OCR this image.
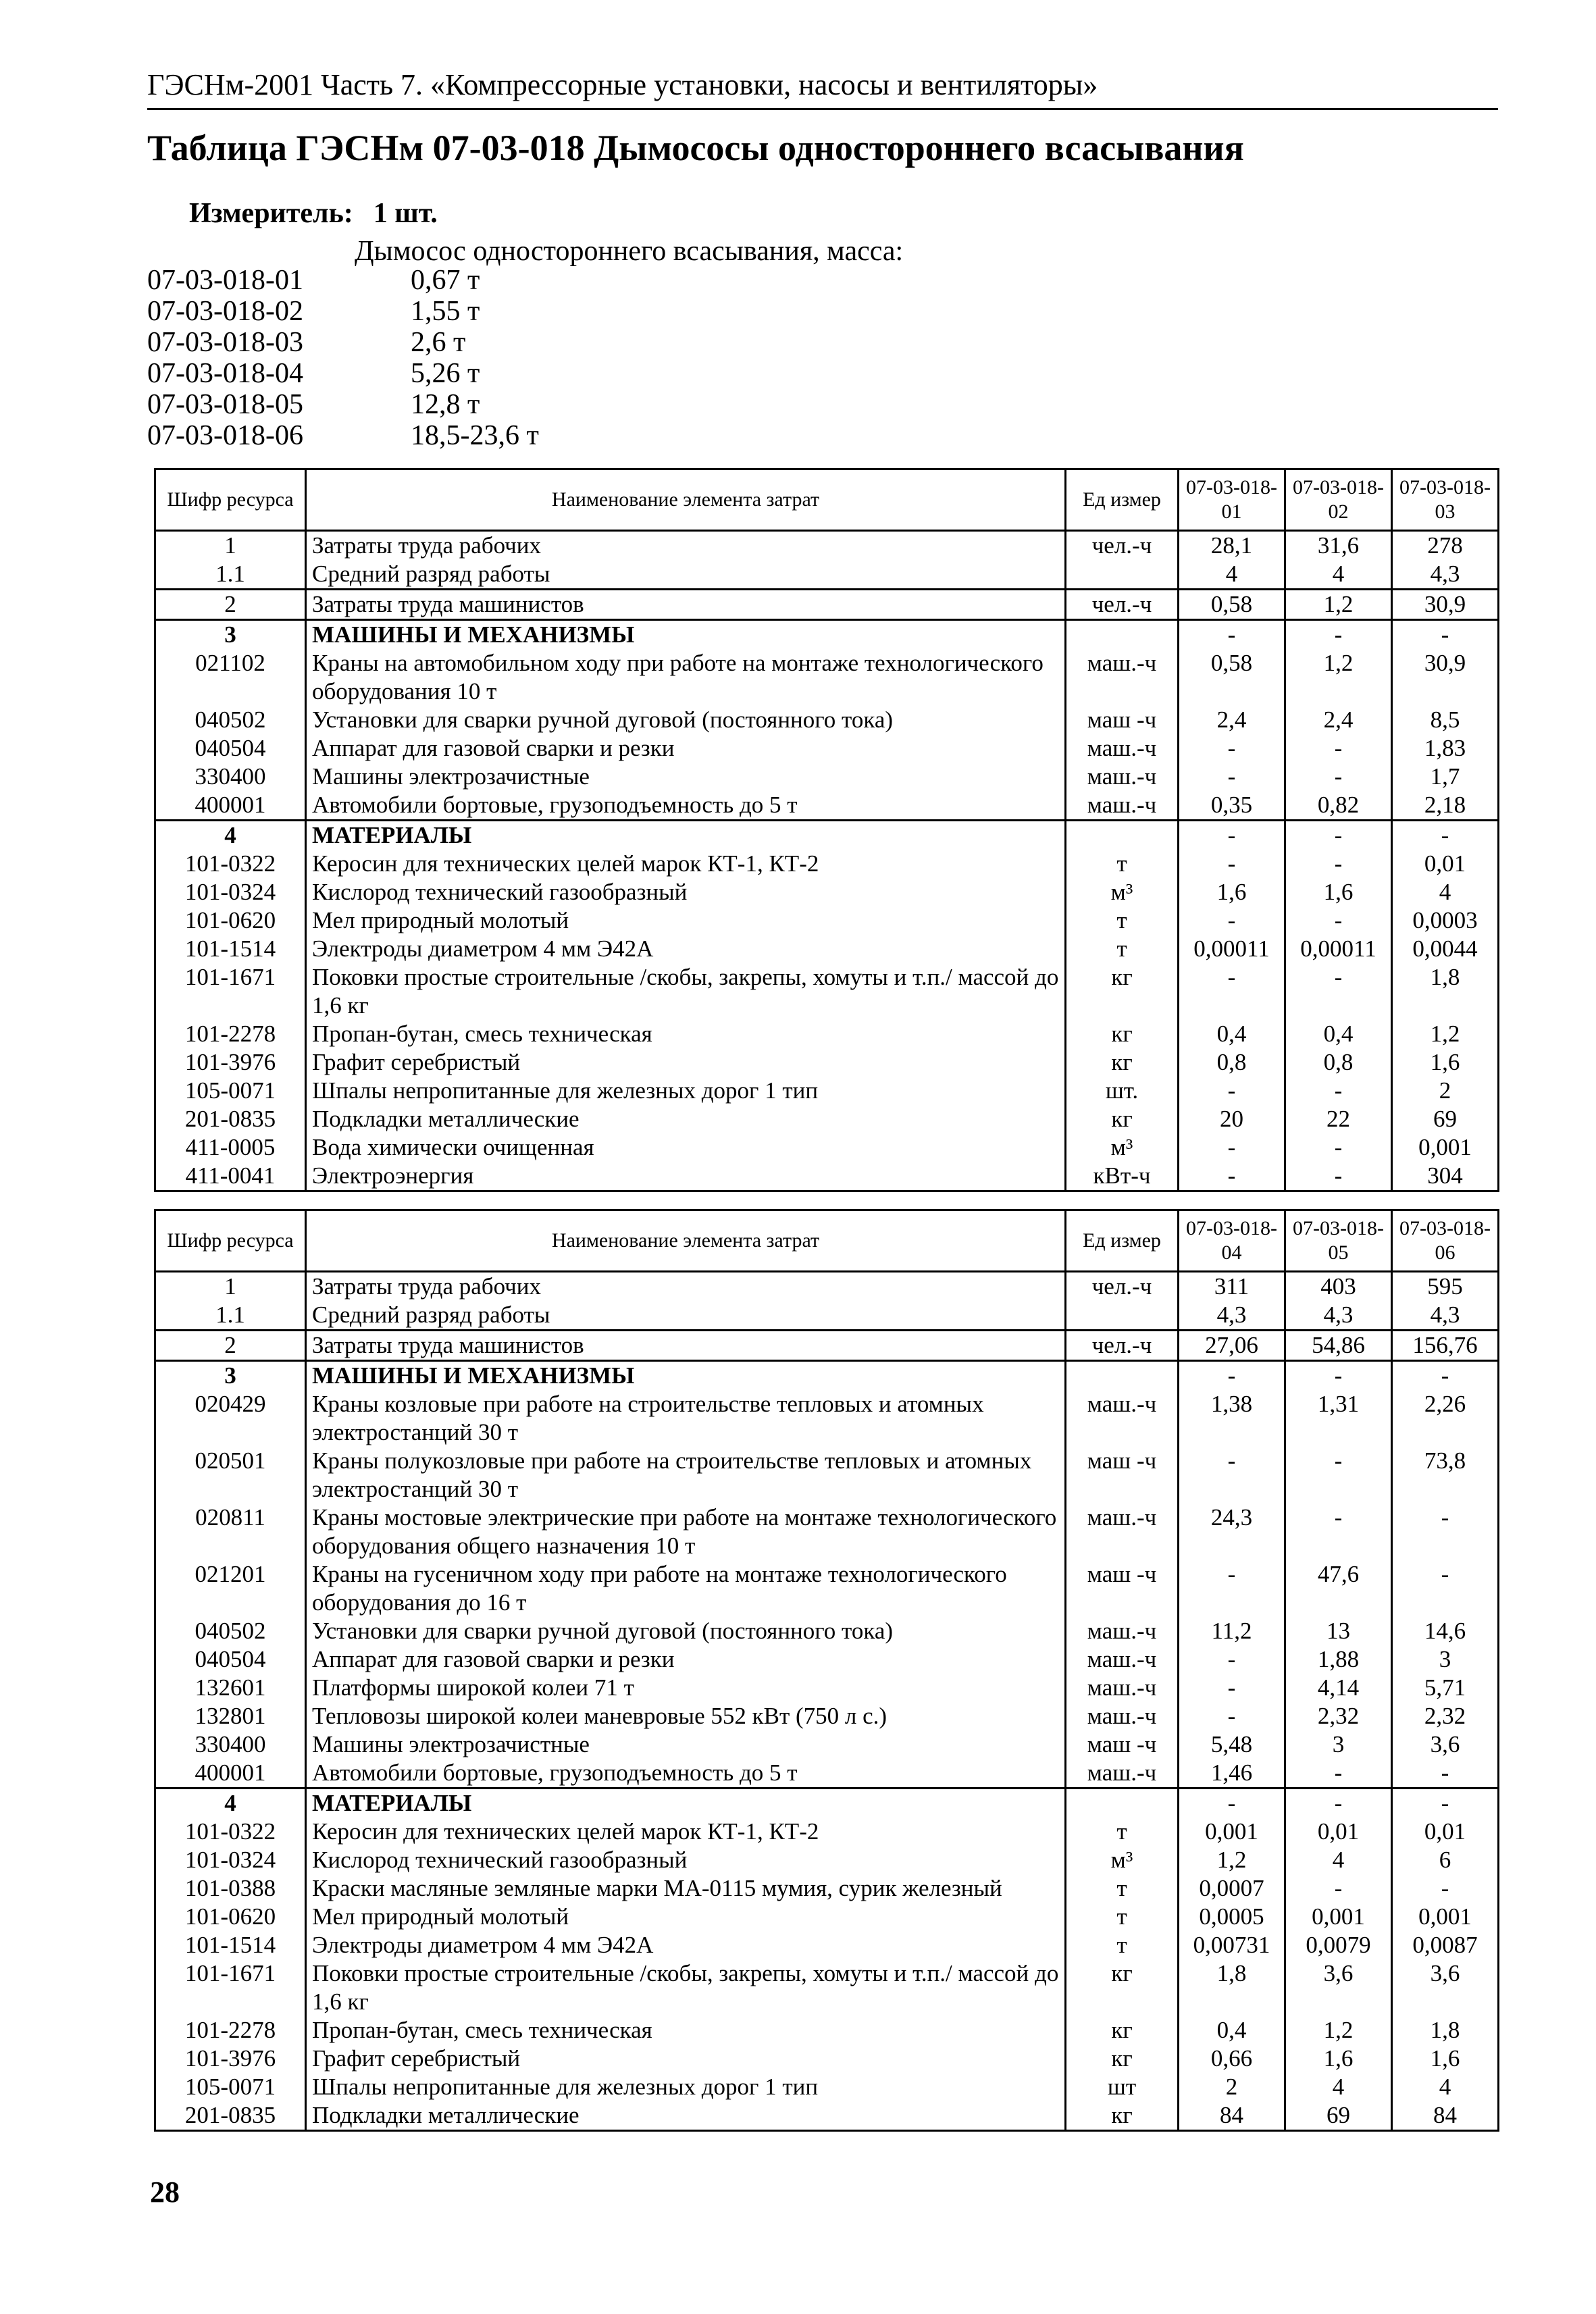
ГЭСНм-2001 Часть 7. «Компрессорные установки, насосы и вентиляторы»
Таблица ГЭСНм 07-03-018 Дымососы одностороннего всасывания
Измеритель: 1 шт.
Дымосос одностороннего всасывания, масса:
07-03-018-01	0,67 т
07-03-018-02	1,55 т
07-03-018-03	2,6 т
07-03-018-04	5,26 т
07-03-018-05	12,8 т
07-03-018-06	18,5-23,6 т
Шифр ресурса	Наименование элемента затрат	Ед измер	07-03-018-01	07-03-018-02	07-03-018-03
1	Затраты труда рабочих	чел.-ч	28,1	31,6	278
1.1	Средний разряд работы		4	4	4,3
2	Затраты труда машинистов	чел.-ч	0,58	1,2	30,9
3	МАШИНЫ И МЕХАНИЗМЫ		-	-	-
021102	Краны на автомобильном ходу при работе на монтаже технологического оборудования 10 т	маш.-ч	0,58	1,2	30,9
040502	Установки для сварки ручной дуговой (постоянного тока)	маш -ч	2,4	2,4	8,5
040504	Аппарат для газовой сварки и резки	маш.-ч	-	-	1,83
330400	Машины электрозачистные	маш.-ч	-	-	1,7
400001	Автомобили бортовые, грузоподъемность до 5 т	маш.-ч	0,35	0,82	2,18
4	МАТЕРИАЛЫ		-	-	-
101-0322	Керосин для технических целей марок КТ-1, КТ-2	т	-	-	0,01
101-0324	Кислород технический газообразный	м³	1,6	1,6	4
101-0620	Мел природный молотый	т	-	-	0,0003
101-1514	Электроды диаметром 4 мм Э42А	т	0,00011	0,00011	0,0044
101-1671	Поковки простые строительные /скобы, закрепы, хомуты и т.п./ массой до 1,6 кг	кг	-	-	1,8
101-2278	Пропан-бутан, смесь техническая	кг	0,4	0,4	1,2
101-3976	Графит серебристый	кг	0,8	0,8	1,6
105-0071	Шпалы непропитанные для железных дорог 1 тип	шт.	-	-	2
201-0835	Подкладки металлические	кг	20	22	69
411-0005	Вода химически очищенная	м³	-	-	0,001
411-0041	Электроэнергия	кВт-ч	-	-	304
Шифр ресурса	Наименование элемента затрат	Ед измер	07-03-018-04	07-03-018-05	07-03-018-06
1	Затраты труда рабочих	чел.-ч	311	403	595
1.1	Средний разряд работы		4,3	4,3	4,3
2	Затраты труда машинистов	чел.-ч	27,06	54,86	156,76
3	МАШИНЫ И МЕХАНИЗМЫ		-	-	-
020429	Краны козловые при работе на строительстве тепловых и атомных электростанций 30 т	маш.-ч	1,38	1,31	2,26
020501	Краны полукозловые при работе на строительстве тепловых и атомных электростанций 30 т	маш -ч	-	-	73,8
020811	Краны мостовые электрические при работе на монтаже технологического оборудования общего назначения 10 т	маш.-ч	24,3	-	-
021201	Краны на гусеничном ходу при работе на монтаже технологического оборудования до 16 т	маш -ч	-	47,6	-
040502	Установки для сварки ручной дуговой (постоянного тока)	маш.-ч	11,2	13	14,6
040504	Аппарат для газовой сварки и резки	маш.-ч	-	1,88	3
132601	Платформы широкой колеи 71 т	маш.-ч	-	4,14	5,71
132801	Тепловозы широкой колеи маневровые 552 кВт (750 л с.)	маш.-ч	-	2,32	2,32
330400	Машины электрозачистные	маш -ч	5,48	3	3,6
400001	Автомобили бортовые, грузоподъемность до 5 т	маш.-ч	1,46	-	-
4	МАТЕРИАЛЫ		-	-	-
101-0322	Керосин для технических целей марок КТ-1, КТ-2	т	0,001	0,01	0,01
101-0324	Кислород технический газообразный	м³	1,2	4	6
101-0388	Краски масляные земляные марки МА-0115 мумия, сурик железный	т	0,0007	-	-
101-0620	Мел природный молотый	т	0,0005	0,001	0,001
101-1514	Электроды диаметром 4 мм Э42А	т	0,00731	0,0079	0,0087
101-1671	Поковки простые строительные /скобы, закрепы, хомуты и т.п./ массой до 1,6 кг	кг	1,8	3,6	3,6
101-2278	Пропан-бутан, смесь техническая	кг	0,4	1,2	1,8
101-3976	Графит серебристый	кг	0,66	1,6	1,6
105-0071	Шпалы непропитанные для железных дорог 1 тип	шт	2	4	4
201-0835	Подкладки металлические	кг	84	69	84
28
